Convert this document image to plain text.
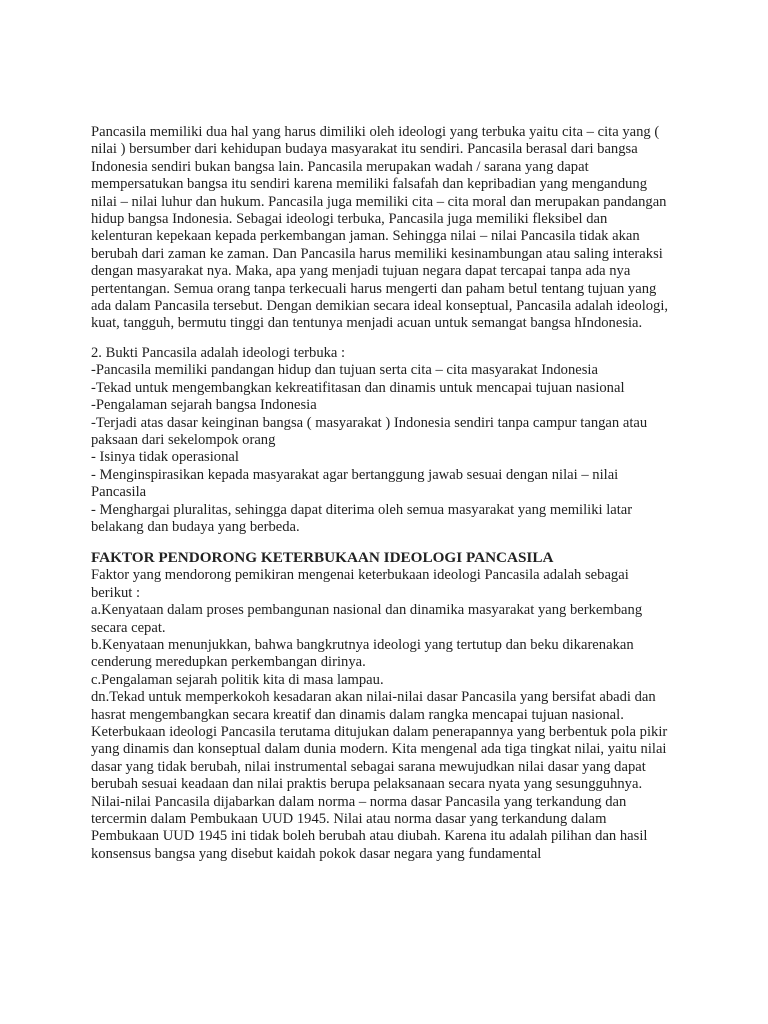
Pancasila memiliki dua hal yang harus dimiliki oleh ideologi yang terbuka yaitu cita – cita yang ( nilai ) bersumber dari kehidupan budaya masyarakat itu sendiri. Pancasila berasal dari bangsa Indonesia sendiri bukan bangsa lain. Pancasila merupakan wadah / sarana yang dapat mempersatukan bangsa itu sendiri karena memiliki falsafah dan kepribadian yang mengandung nilai – nilai luhur dan hukum. Pancasila juga memiliki cita – cita moral dan merupakan pandangan hidup bangsa Indonesia. Sebagai ideologi terbuka, Pancasila juga memiliki fleksibel dan kelenturan kepekaan kepada perkembangan jaman. Sehingga nilai – nilai Pancasila tidak akan berubah dari zaman ke zaman. Dan Pancasila harus memiliki kesinambungan atau saling interaksi dengan masyarakat nya. Maka, apa yang menjadi tujuan negara dapat tercapai tanpa ada nya pertentangan. Semua orang tanpa terkecuali harus mengerti dan paham betul tentang tujuan yang ada dalam Pancasila tersebut. Dengan demikian secara ideal konseptual, Pancasila adalah ideologi, kuat, tangguh, bermutu tinggi dan tentunya menjadi acuan untuk semangat bangsa hIndonesia.

2. Bukti Pancasila adalah ideologi terbuka :

-Pancasila memiliki pandangan hidup dan tujuan serta cita – cita masyarakat Indonesia

-Tekad untuk mengembangkan kekreatifitasan dan dinamis untuk mencapai tujuan nasional

-Pengalaman sejarah bangsa Indonesia

-Terjadi atas dasar keinginan bangsa ( masyarakat ) Indonesia sendiri tanpa campur tangan atau paksaan dari sekelompok orang

- Isinya tidak operasional

- Menginspirasikan kepada masyarakat agar bertanggung jawab sesuai dengan nilai – nilai Pancasila

- Menghargai pluralitas, sehingga dapat diterima oleh semua masyarakat yang memiliki latar belakang dan budaya yang berbeda.

FAKTOR PENDORONG KETERBUKAAN IDEOLOGI PANCASILA

Faktor yang mendorong pemikiran mengenai keterbukaan ideologi Pancasila adalah sebagai berikut :

a.Kenyataan dalam proses pembangunan nasional dan dinamika masyarakat yang berkembang secara cepat.

b.Kenyataan menunjukkan, bahwa bangkrutnya ideologi yang tertutup dan beku dikarenakan cenderung meredupkan perkembangan dirinya.

c.Pengalaman sejarah politik kita di masa lampau.

dn.Tekad untuk memperkokoh kesadaran akan nilai-nilai dasar Pancasila yang bersifat abadi dan hasrat mengembangkan secara kreatif dan dinamis dalam rangka mencapai tujuan nasional.

Keterbukaan ideologi Pancasila terutama ditujukan dalam penerapannya yang berbentuk pola pikir yang dinamis dan konseptual dalam dunia modern. Kita mengenal ada tiga tingkat nilai, yaitu nilai dasar yang tidak berubah, nilai instrumental sebagai sarana mewujudkan nilai dasar yang dapat berubah sesuai keadaan dan nilai praktis berupa pelaksanaan secara nyata yang sesungguhnya. Nilai-nilai Pancasila dijabarkan dalam norma – norma dasar Pancasila yang terkandung dan tercermin dalam Pembukaan UUD 1945. Nilai atau norma dasar yang terkandung dalam Pembukaan UUD 1945 ini tidak boleh berubah atau diubah. Karena itu adalah pilihan dan hasil konsensus bangsa yang disebut kaidah pokok dasar negara yang fundamental
